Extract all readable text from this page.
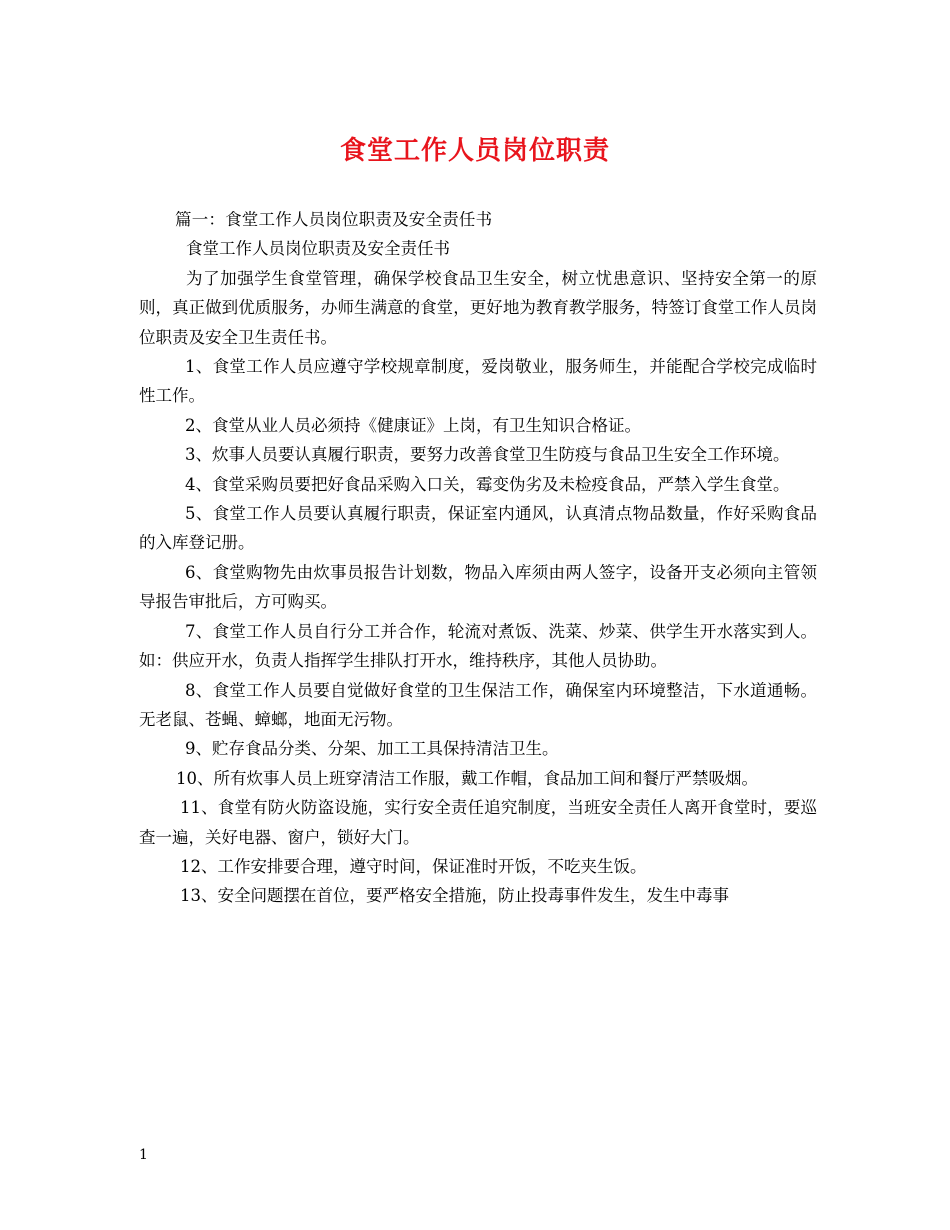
食堂工作人员岗位职责

篇一：食堂工作人员岗位职责及安全责任书

食堂工作人员岗位职责及安全责任书

为了加强学生食堂管理，确保学校食品卫生安全，树立忧患意识、坚持安全第一的原则，真正做到优质服务，办师生满意的食堂，更好地为教育教学服务，特签订食堂工作人员岗位职责及安全卫生责任书。

1、食堂工作人员应遵守学校规章制度，爱岗敬业，服务师生，并能配合学校完成临时性工作。

2、食堂从业人员必须持《健康证》上岗，有卫生知识合格证。

3、炊事人员要认真履行职责，要努力改善食堂卫生防疫与食品卫生安全工作环境。

4、食堂采购员要把好食品采购入口关，霉变伪劣及未检疫食品，严禁入学生食堂。

5、食堂工作人员要认真履行职责，保证室内通风，认真清点物品数量，作好采购食品的入库登记册。

6、食堂购物先由炊事员报告计划数，物品入库须由两人签字，设备开支必须向主管领导报告审批后，方可购买。

7、食堂工作人员自行分工并合作，轮流对煮饭、洗菜、炒菜、供学生开水落实到人。如：供应开水，负责人指挥学生排队打开水，维持秩序，其他人员协助。

8、食堂工作人员要自觉做好食堂的卫生保洁工作，确保室内环境整洁，下水道通畅。无老鼠、苍蝇、蟑螂，地面无污物。

9、贮存食品分类、分架、加工工具保持清洁卫生。

10、所有炊事人员上班穿清洁工作服，戴工作帽，食品加工间和餐厅严禁吸烟。

11、食堂有防火防盗设施，实行安全责任追究制度，当班安全责任人离开食堂时，要巡查一遍，关好电器、窗户，锁好大门。

12、工作安排要合理，遵守时间，保证准时开饭，不吃夹生饭。

13、安全问题摆在首位，要严格安全措施，防止投毒事件发生，发生中毒事

1
